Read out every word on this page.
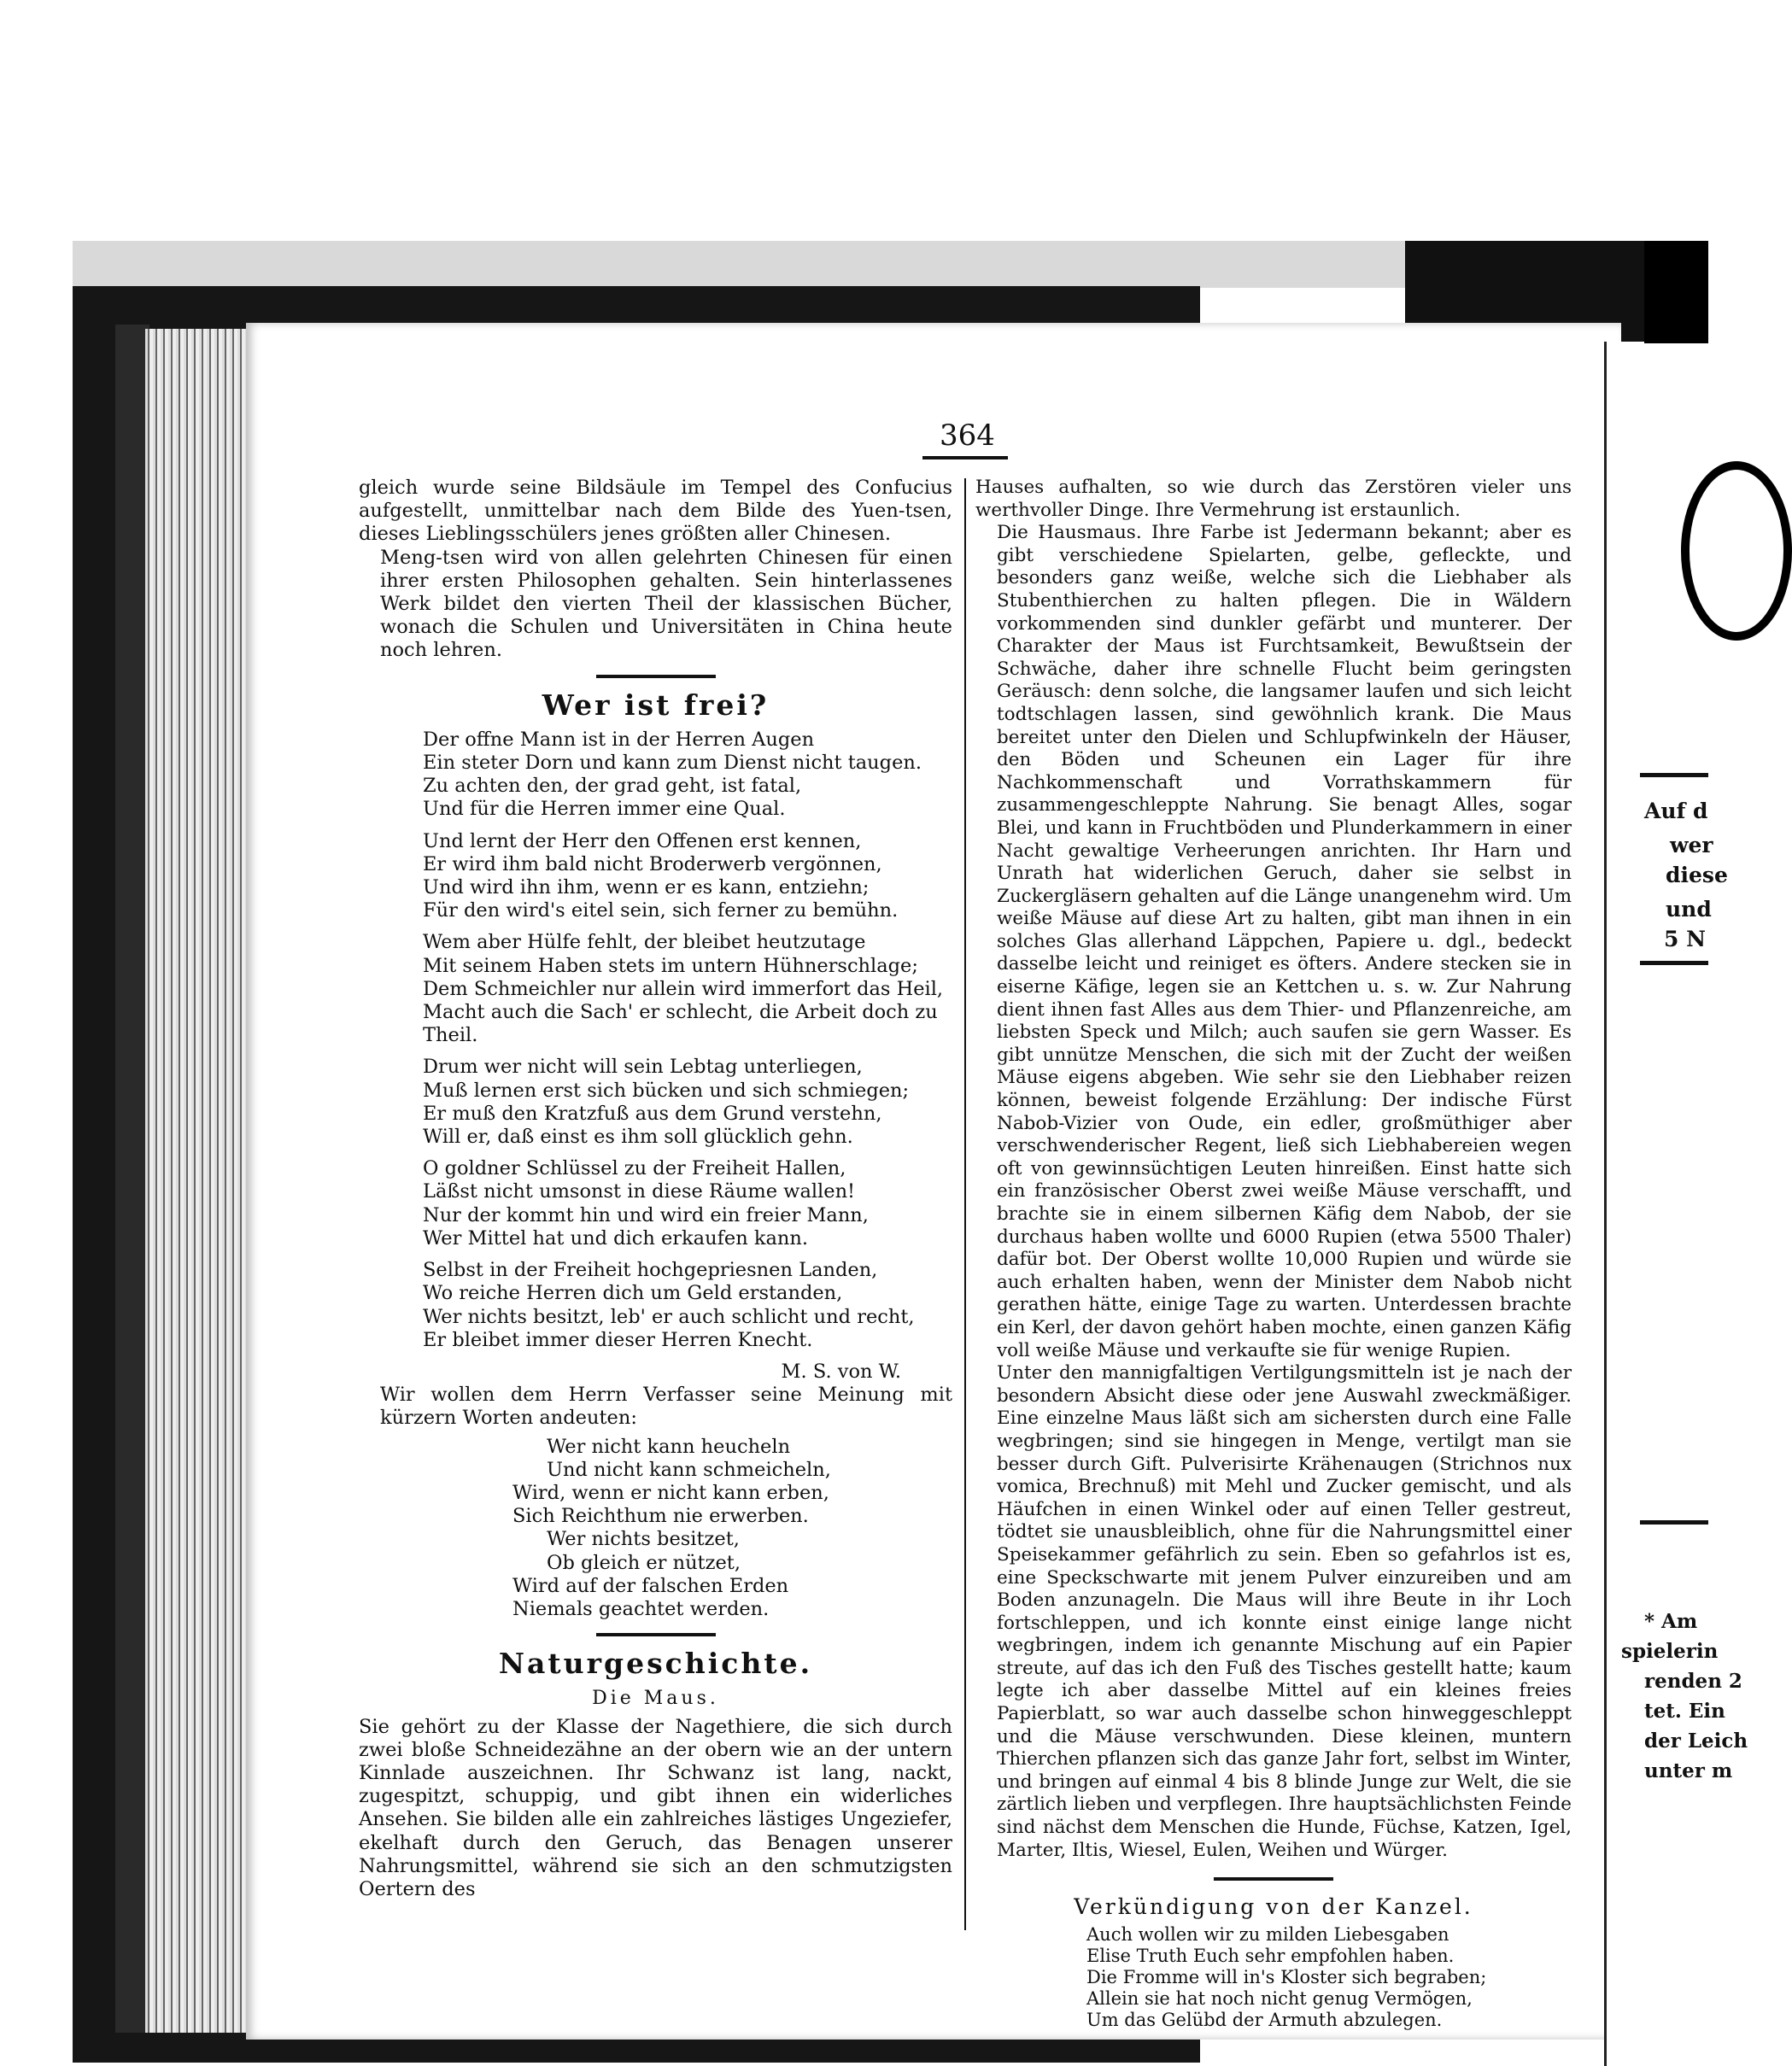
Auf d
wer
diese
und
5 N
* Am
spielerin
renden 2
tet. Ein
der Leich
unter m
364

gleich wurde seine Bildsäule im Tempel des Confucius aufgestellt, unmittelbar nach dem Bilde des Yuen-tsen, dieses Lieblingsschülers jenes größten aller Chinesen.

Meng-tsen wird von allen gelehrten Chinesen für einen ihrer ersten Philosophen gehalten. Sein hinterlassenes Werk bildet den vierten Theil der klassischen Bücher, wonach die Schulen und Universitäten in China heute noch lehren.

Wer ist frei?
Der offne Mann ist in der Herren Augen
Ein steter Dorn und kann zum Dienst nicht taugen.
Zu achten den, der grad geht, ist fatal,
Und für die Herren immer eine Qual.
Und lernt der Herr den Offenen erst kennen,
Er wird ihm bald nicht Broderwerb vergönnen,
Und wird ihn ihm, wenn er es kann, entziehn;
Für den wird's eitel sein, sich ferner zu bemühn.
Wem aber Hülfe fehlt, der bleibet heutzutage
Mit seinem Haben stets im untern Hühnerschlage;
Dem Schmeichler nur allein wird immerfort das Heil,
Macht auch die Sach' er schlecht, die Arbeit doch zu Theil.
Drum wer nicht will sein Lebtag unterliegen,
Muß lernen erst sich bücken und sich schmiegen;
Er muß den Kratzfuß aus dem Grund verstehn,
Will er, daß einst es ihm soll glücklich gehn.
O goldner Schlüssel zu der Freiheit Hallen,
Läßst nicht umsonst in diese Räume wallen!
Nur der kommt hin und wird ein freier Mann,
Wer Mittel hat und dich erkaufen kann.
Selbst in der Freiheit hochgepriesnen Landen,
Wo reiche Herren dich um Geld erstanden,
Wer nichts besitzt, leb' er auch schlicht und recht,
Er bleibet immer dieser Herren Knecht.
M. S. von W.

Wir wollen dem Herrn Verfasser seine Meinung mit kürzern Worten andeuten:

Wer nicht kann heucheln
Und nicht kann schmeicheln,
Wird, wenn er nicht kann erben,
Sich Reichthum nie erwerben.
Wer nichts besitzet,
Ob gleich er nützet,
Wird auf der falschen Erden
Niemals geachtet werden.
Naturgeschichte.
Die Maus.

Sie gehört zu der Klasse der Nagethiere, die sich durch zwei bloße Schneidezähne an der obern wie an der untern Kinnlade auszeichnen. Ihr Schwanz ist lang, nackt, zugespitzt, schuppig, und gibt ihnen ein widerliches Ansehen. Sie bilden alle ein zahlreiches lästiges Ungeziefer, ekelhaft durch den Geruch, das Benagen unserer Nahrungsmittel, während sie sich an den schmutzigsten Oertern des

Hauses aufhalten, so wie durch das Zerstören vieler uns werthvoller Dinge. Ihre Vermehrung ist erstaunlich.

Die Hausmaus. Ihre Farbe ist Jedermann bekannt; aber es gibt verschiedene Spielarten, gelbe, gefleckte, und besonders ganz weiße, welche sich die Liebhaber als Stubenthierchen zu halten pflegen. Die in Wäldern vorkommenden sind dunkler gefärbt und munterer. Der Charakter der Maus ist Furchtsamkeit, Bewußtsein der Schwäche, daher ihre schnelle Flucht beim geringsten Geräusch: denn solche, die langsamer laufen und sich leicht todtschlagen lassen, sind gewöhnlich krank. Die Maus bereitet unter den Dielen und Schlupfwinkeln der Häuser, den Böden und Scheunen ein Lager für ihre Nachkommenschaft und Vorrathskammern für zusammengeschleppte Nahrung. Sie benagt Alles, sogar Blei, und kann in Fruchtböden und Plunderkammern in einer Nacht gewaltige Verheerungen anrichten. Ihr Harn und Unrath hat widerlichen Geruch, daher sie selbst in Zuckergläsern gehalten auf die Länge unangenehm wird. Um weiße Mäuse auf diese Art zu halten, gibt man ihnen in ein solches Glas allerhand Läppchen, Papiere u. dgl., bedeckt dasselbe leicht und reiniget es öfters. Andere stecken sie in eiserne Käfige, legen sie an Kettchen u. s. w. Zur Nahrung dient ihnen fast Alles aus dem Thier- und Pflanzenreiche, am liebsten Speck und Milch; auch saufen sie gern Wasser. Es gibt unnütze Menschen, die sich mit der Zucht der weißen Mäuse eigens abgeben. Wie sehr sie den Liebhaber reizen können, beweist folgende Erzählung: Der indische Fürst Nabob-Vizier von Oude, ein edler, großmüthiger aber verschwenderischer Regent, ließ sich Liebhabereien wegen oft von gewinnsüchtigen Leuten hinreißen. Einst hatte sich ein französischer Oberst zwei weiße Mäuse verschafft, und brachte sie in einem silbernen Käfig dem Nabob, der sie durchaus haben wollte und 6000 Rupien (etwa 5500 Thaler) dafür bot. Der Oberst wollte 10,000 Rupien und würde sie auch erhalten haben, wenn der Minister dem Nabob nicht gerathen hätte, einige Tage zu warten. Unterdessen brachte ein Kerl, der davon gehört haben mochte, einen ganzen Käfig voll weiße Mäuse und verkaufte sie für wenige Rupien.

Unter den mannigfaltigen Vertilgungsmitteln ist je nach der besondern Absicht diese oder jene Auswahl zweckmäßiger. Eine einzelne Maus läßt sich am sichersten durch eine Falle wegbringen; sind sie hingegen in Menge, vertilgt man sie besser durch Gift. Pulverisirte Krähenaugen (Strichnos nux vomica, Brechnuß) mit Mehl und Zucker gemischt, und als Häufchen in einen Winkel oder auf einen Teller gestreut, tödtet sie unausbleiblich, ohne für die Nahrungsmittel einer Speisekammer gefährlich zu sein. Eben so gefahrlos ist es, eine Speckschwarte mit jenem Pulver einzureiben und am Boden anzunageln. Die Maus will ihre Beute in ihr Loch fortschleppen, und ich konnte einst einige lange nicht wegbringen, indem ich genannte Mischung auf ein Papier streute, auf das ich den Fuß des Tisches gestellt hatte; kaum legte ich aber dasselbe Mittel auf ein kleines freies Papierblatt, so war auch dasselbe schon hinweggeschleppt und die Mäuse verschwunden. Diese kleinen, muntern Thierchen pflanzen sich das ganze Jahr fort, selbst im Winter, und bringen auf einmal 4 bis 8 blinde Junge zur Welt, die sie zärtlich lieben und verpflegen. Ihre hauptsächlichsten Feinde sind nächst dem Menschen die Hunde, Füchse, Katzen, Igel, Marter, Iltis, Wiesel, Eulen, Weihen und Würger.

Verkündigung von der Kanzel.
Auch wollen wir zu milden Liebesgaben
Elise Truth Euch sehr empfohlen haben.
Die Fromme will in's Kloster sich begraben;
Allein sie hat noch nicht genug Vermögen,
Um das Gelübd der Armuth abzulegen.
